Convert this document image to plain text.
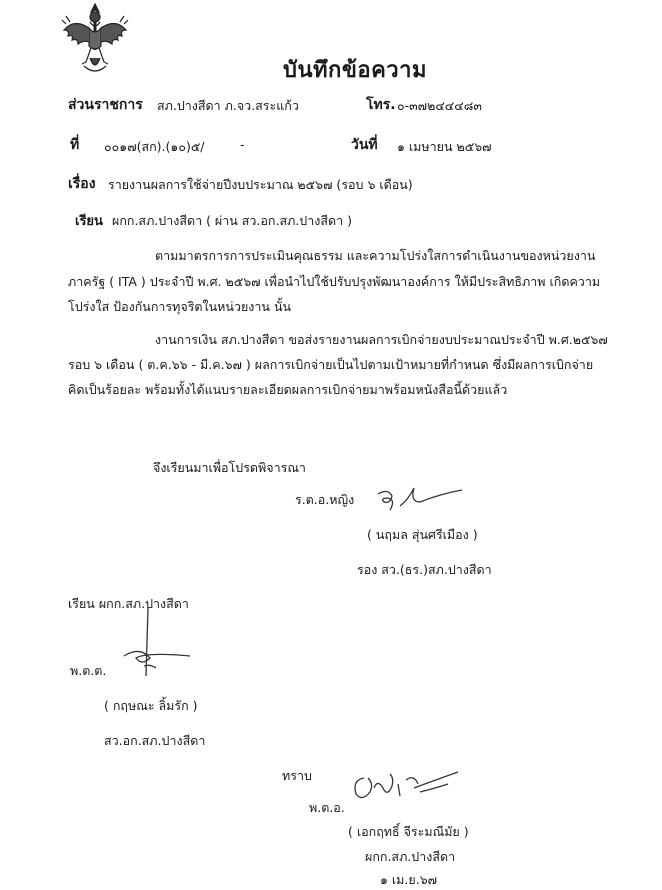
บันทึกข้อความ
ส่วนราชการ สภ.ปางสีดา ภ.จว.สระแก้ว	โทร. ๐-๓๗๒๔๔๔๘๓
ที่ ๐๐๑๗(สก).(๑๐)๕/	-	วันที่ ๑ เมษายน ๒๕๖๗
เรื่อง รายงานผลการใช้จ่ายปีงบประมาณ ๒๕๖๗ (รอบ ๖ เดือน)
เรียน ผกก.สภ.ปางสีดา ( ผ่าน สว.อก.สภ.ปางสีดา )
ตามมาตรการการประเมินคุณธรรม และความโปร่งใสการดำเนินงานของหน่วยงาน
ภาครัฐ ( ITA ) ประจำปี พ.ศ. ๒๕๖๗ เพื่อนำไปใช้ปรับปรุงพัฒนาองค์การ ให้มีประสิทธิภาพ เกิดความ
โปร่งใส ป้องกันการทุจริตในหน่วยงาน นั้น
งานการเงิน สภ.ปางสีดา ขอส่งรายงานผลการเบิกจ่ายงบประมาณประจำปี พ.ศ.๒๕๖๗
รอบ ๖ เดือน ( ต.ค.๖๖ - มี.ค.๖๗ ) ผลการเบิกจ่ายเป็นไปตามเป้าหมายที่กำหนด ซึ่งมีผลการเบิกจ่าย
คิดเป็นร้อยละ พร้อมทั้งได้แนบรายละเอียดผลการเบิกจ่ายมาพร้อมหนังสือนี้ด้วยแล้ว
จึงเรียนมาเพื่อโปรดพิจารณา
ร.ต.อ.หญิง
( นฤมล สุ่นศรีเมือง )
รอง สว.(ธร.)สภ.ปางสีดา
เรียน ผกก.สภ.ปางสีดา
พ.ต.ต.
( กฤษณะ ลิ้มรัก )
สว.อก.สภ.ปางสีดา
ทราบ
พ.ต.อ.
( เอกฤทธิ์ จีระมณีมัย )
ผกก.สภ.ปางสีดา
๑ เม.ย.๖๗
